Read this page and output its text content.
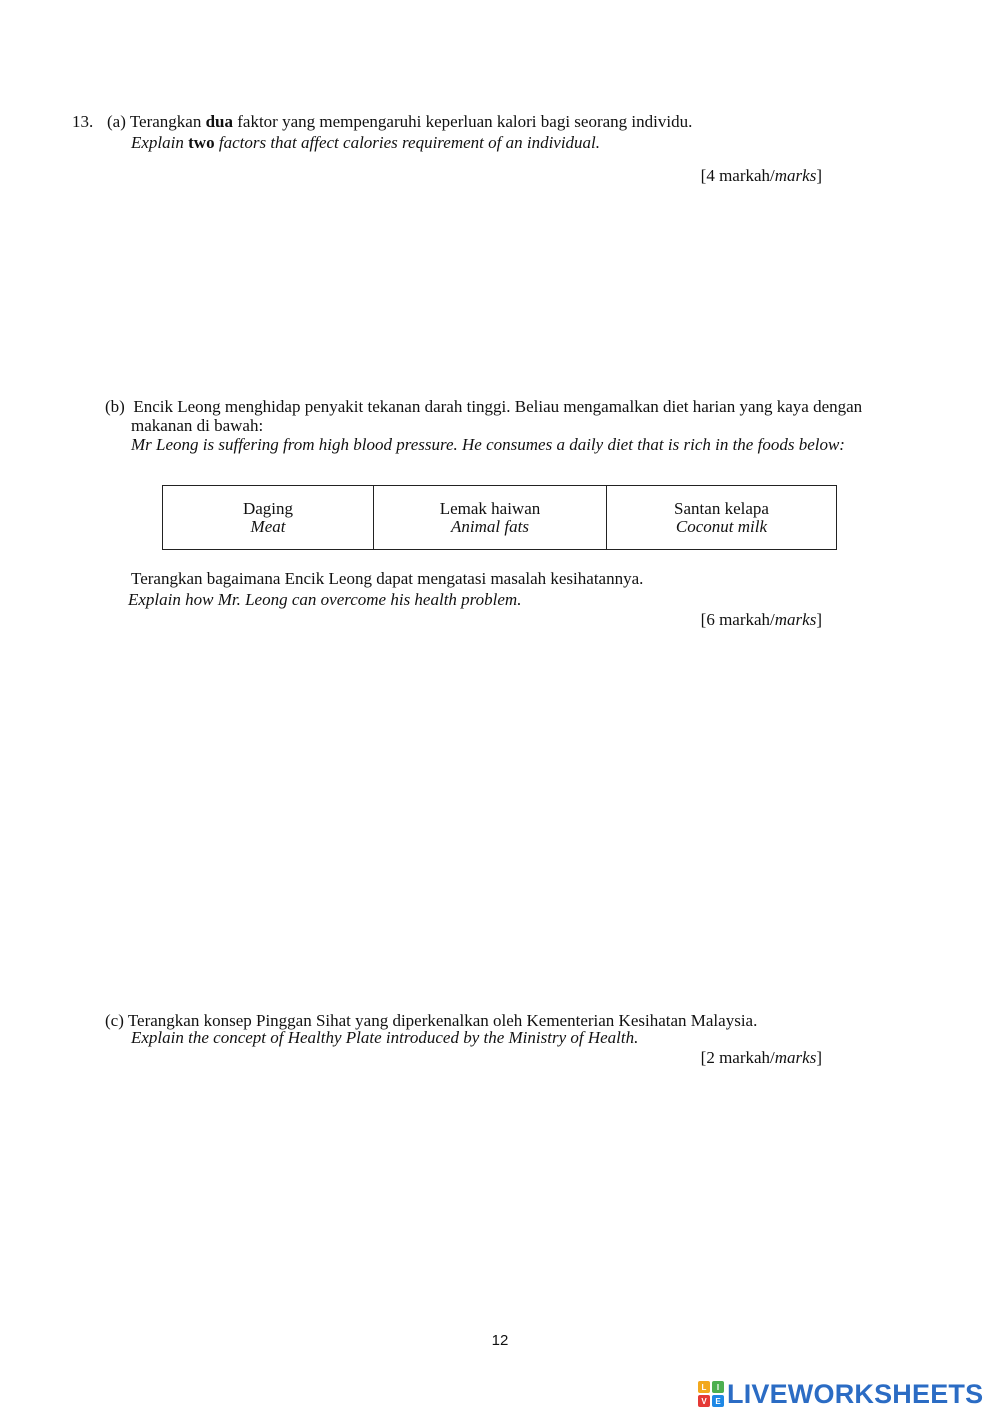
13. (a) Terangkan dua faktor yang mempengaruhi keperluan kalori bagi seorang individu.
Explain two factors that affect calories requirement of an individual.
[4 markah/marks]
(b) Encik Leong menghidap penyakit tekanan darah tinggi. Beliau mengamalkan diet harian yang kaya dengan
makanan di bawah:
Mr Leong is suffering from high blood pressure. He consumes a daily diet that is rich in the foods below:
Daging
Meat

Lemak haiwan
Animal fats

Santan kelapa
Coconut milk
Terangkan bagaimana Encik Leong dapat mengatasi masalah kesihatannya.
Explain how Mr. Leong can overcome his health problem.
[6 markah/marks]
(c) Terangkan konsep Pinggan Sihat yang diperkenalkan oleh Kementerian Kesihatan Malaysia.
Explain the concept of Healthy Plate introduced by the Ministry of Health.
[2 markah/marks]
12
L	I
V	E LIVEWORKSHEETS
